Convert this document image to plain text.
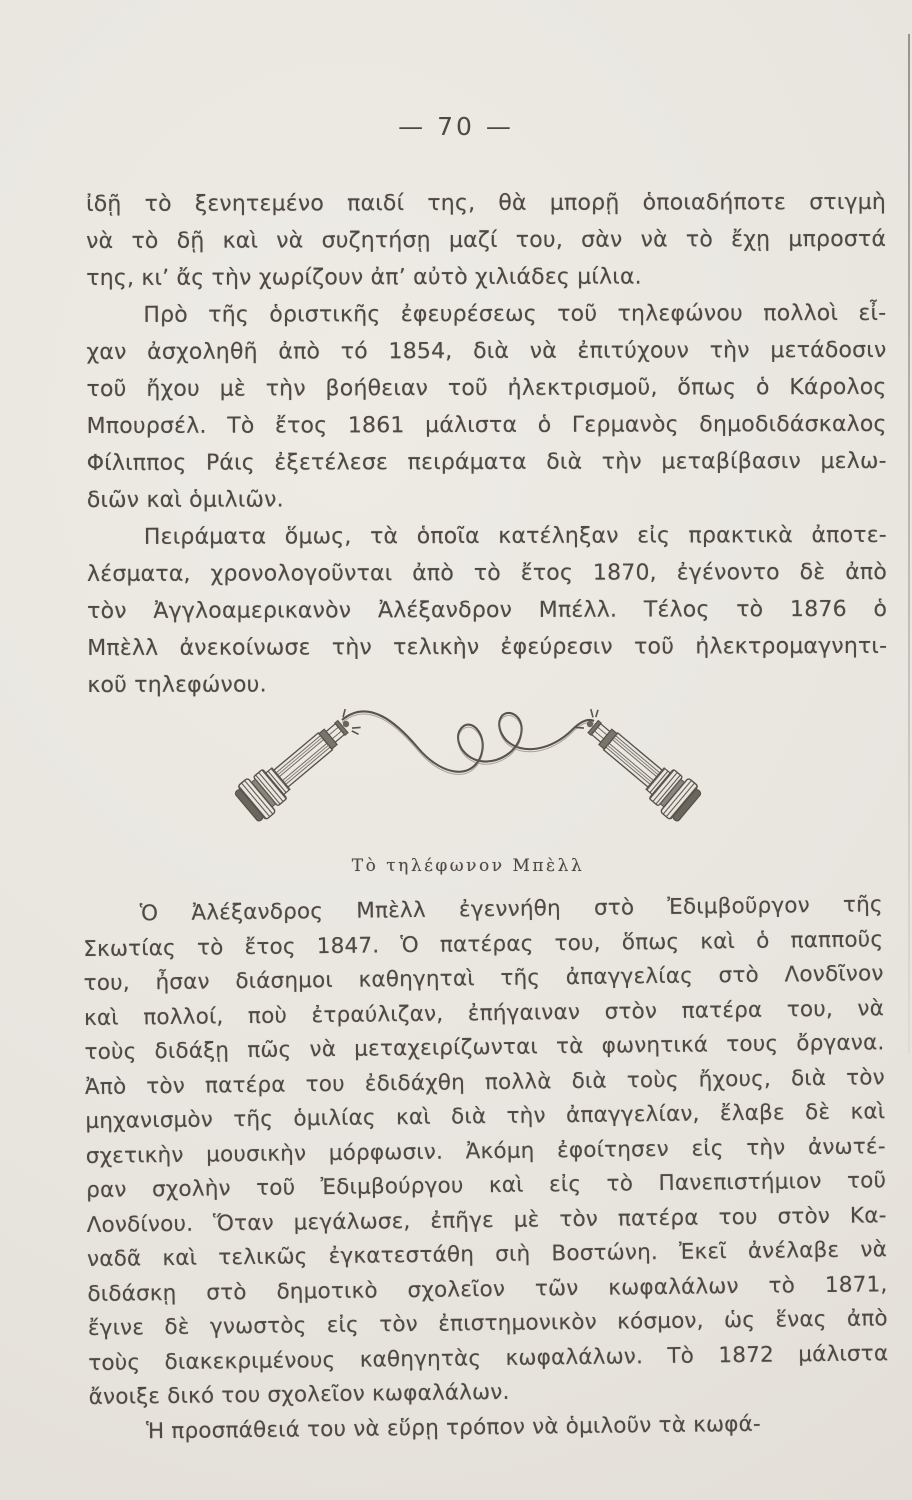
— 70 —
ἰδῇ τὸ ξενητεμένο παιδί της, θὰ μπορῇ ὁποιαδήποτε στιγμὴ
νὰ τὸ δῇ καὶ νὰ συζητήσῃ μαζί του, σὰν νὰ τὸ ἔχῃ μπροστά
της, κι’ ἄς τὴν χωρίζουν ἀπ’ αὐτὸ χιλιάδες μίλια.
Πρὸ τῆς ὁριστικῆς ἐφευρέσεως τοῦ τηλεφώνου πολλοὶ εἶ-
χαν ἀσχοληθῆ ἀπὸ τό 1854, διὰ νὰ ἐπιτύχουν τὴν μετάδοσιν
τοῦ ἤχου μὲ τὴν βοήθειαν τοῦ ἠλεκτρισμοῦ, ὅπως ὁ Κάρολος
Μπουρσέλ. Τὸ ἔτος 1861 μάλιστα ὁ Γερμανὸς δημοδιδάσκαλος
Φίλιππος Ράις ἐξετέλεσε πειράματα διὰ τὴν μεταβίβασιν μελω-
διῶν καὶ ὁμιλιῶν.
Πειράματα ὅμως, τὰ ὁποῖα κατέληξαν εἰς πρακτικὰ ἀποτε-
λέσματα, χρονολογοῦνται ἀπὸ τὸ ἔτος 1870, ἐγένοντο δὲ ἀπὸ
τὸν Ἀγγλοαμερικανὸν Ἀλέξανδρον Μπέλλ. Τέλος τὸ 1876 ὁ
Μπὲλλ ἀνεκοίνωσε τὴν τελικὴν ἐφεύρεσιν τοῦ ἠλεκτρομαγνητι-
κοῦ τηλεφώνου.
Τὸ τηλέφωνον Μπὲλλ
Ὁ Ἀλέξανδρος Μπὲλλ ἐγεννήθη στὸ Ἐδιμβοῦργον τῆς
Σκωτίας τὸ ἔτος 1847. Ὁ πατέρας του, ὅπως καὶ ὁ παπποῦς
του, ἦσαν διάσημοι καθηγηταὶ τῆς ἀπαγγελίας στὸ Λονδῖνον
καὶ πολλοί, ποὺ ἐτραύλιζαν, ἐπήγαιναν στὸν πατέρα του, νὰ
τοὺς διδάξῃ πῶς νὰ μεταχειρίζωνται τὰ φωνητικά τους ὄργανα.
Ἀπὸ τὸν πατέρα του ἐδιδάχθη πολλὰ διὰ τοὺς ἤχους, διὰ τὸν
μηχανισμὸν τῆς ὁμιλίας καὶ διὰ τὴν ἀπαγγελίαν, ἔλαβε δὲ καὶ
σχετικὴν μουσικὴν μόρφωσιν. Ἀκόμη ἐφοίτησεν εἰς τὴν ἀνωτέ-
ραν σχολὴν τοῦ Ἐδιμβούργου καὶ εἰς τὸ Πανεπιστήμιον τοῦ
Λονδίνου. Ὅταν μεγάλωσε, ἐπῆγε μὲ τὸν πατέρα του στὸν Κα-
ναδᾶ καὶ τελικῶς ἐγκατεστάθη σιὴ Βοστώνη. Ἐκεῖ ἀνέλαβε νὰ
διδάσκῃ στὸ δημοτικὸ σχολεῖον τῶν κωφαλάλων τὸ 1871,
ἔγινε δὲ γνωστὸς εἰς τὸν ἐπιστημονικὸν κόσμον, ὡς ἕνας ἀπὸ
τοὺς διακεκριμένους καθηγητὰς κωφαλάλων. Τὸ 1872 μάλιστα
ἄνοιξε δικό του σχολεῖον κωφαλάλων.
Ἡ προσπάθειά του νὰ εὕρῃ τρόπον νὰ ὁμιλοῦν τὰ κωφά-
